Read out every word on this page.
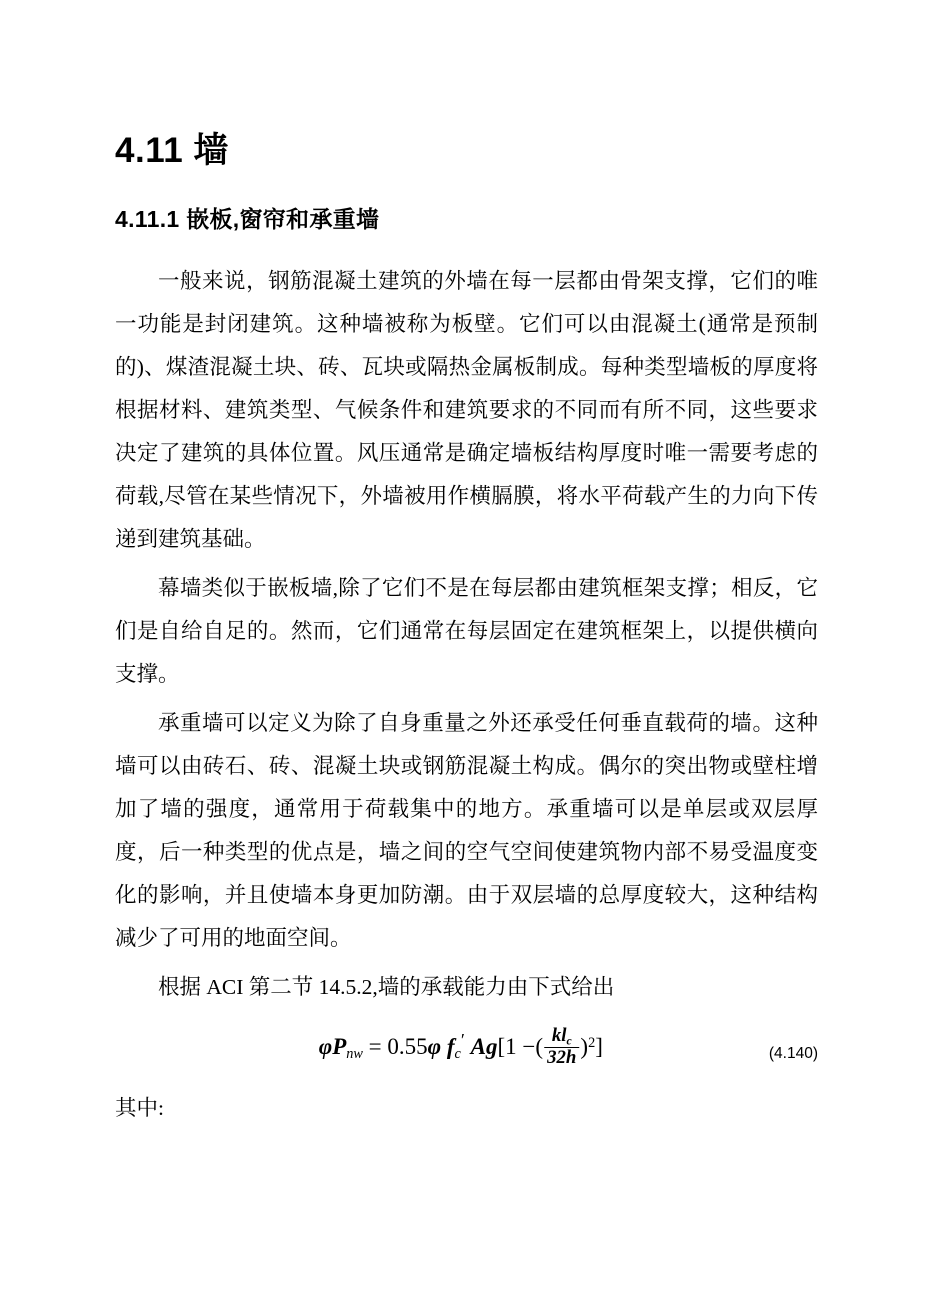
4.11 墙
4.11.1 嵌板,窗帘和承重墙

一般来说，钢筋混凝土建筑的外墙在每一层都由骨架支撑，它们的唯一功能是封闭建筑。这种墙被称为板壁。它们可以由混凝土(通常是预制的)、煤渣混凝土块、砖、瓦块或隔热金属板制成。每种类型墙板的厚度将根据材料、建筑类型、气候条件和建筑要求的不同而有所不同，这些要求决定了建筑的具体位置。风压通常是确定墙板结构厚度时唯一需要考虑的荷载,尽管在某些情况下，外墙被用作横膈膜，将水平荷载产生的力向下传递到建筑基础。

幕墙类似于嵌板墙,除了它们不是在每层都由建筑框架支撑；相反，它们是自给自足的。然而，它们通常在每层固定在建筑框架上，以提供横向支撑。

承重墙可以定义为除了自身重量之外还承受任何垂直载荷的墙。这种墙可以由砖石、砖、混凝土块或钢筋混凝土构成。偶尔的突出物或壁柱增加了墙的强度，通常用于荷载集中的地方。承重墙可以是单层或双层厚度，后一种类型的优点是，墙之间的空气空间使建筑物内部不易受温度变化的影响，并且使墙本身更加防潮。由于双层墙的总厚度较大，这种结构减少了可用的地面空间。

根据 ACI 第二节 14.5.2,墙的承载能力由下式给出

$\varphi P_{nw} = 0.55\varphi$ $f_c'$ Ag[1 −( $\frac{kl_c}{32h} )^2$]	(4.140)
其中:
